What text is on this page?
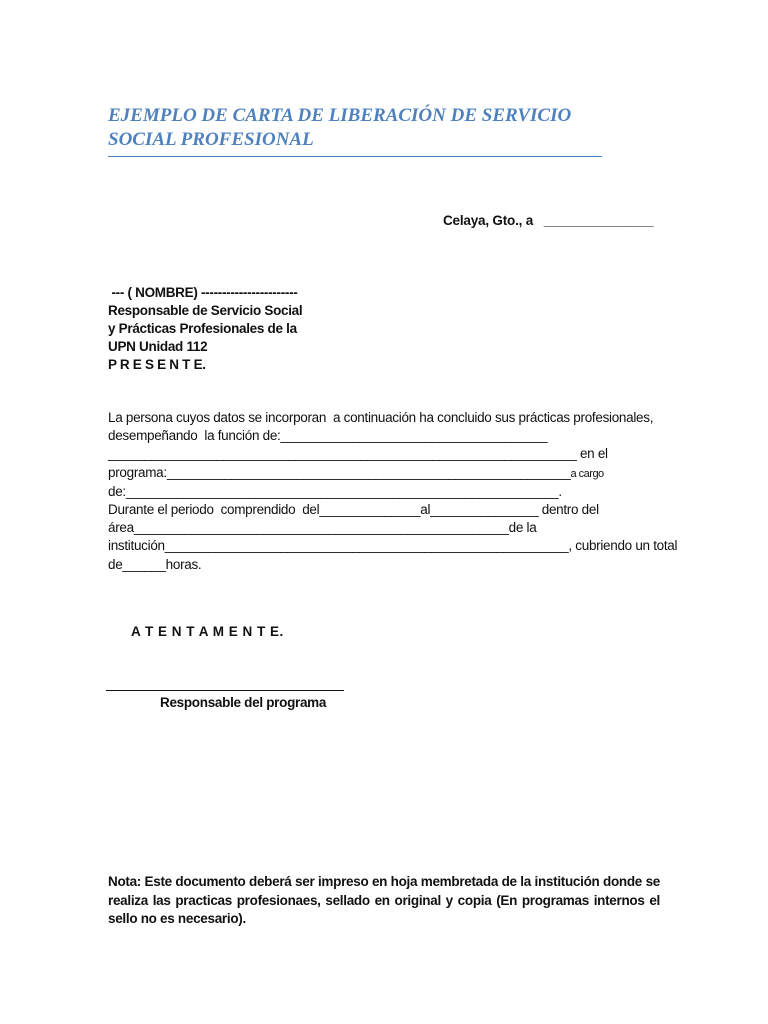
EJEMPLO DE CARTA DE LIBERACIÓN DE SERVICIO
SOCIAL PROFESIONAL
Celaya, Gto., a   _______________
--- ( NOMBRE) -----------------------
Responsable de Servicio Social
y Prácticas Profesionales de la
UPN Unidad 112
P R E S E N T E.
La persona cuyos datos se incorporan  a continuación ha concluido sus prácticas profesionales,
desempeñando  la función de:_____________________________________
_________________________________________________________________ en el
programa:________________________________________________________a cargo
de:____________________________________________________________.
Durante el periodo  comprendido  del______________al_______________ dentro del
área____________________________________________________de la
institución________________________________________________________, cubriendo un total
de______horas.
A T E N T A M E N T E.
Responsable del programa
Nota: Este documento deberá ser impreso en hoja membretada de la institución donde se realiza las practicas profesionaes, sellado en original y copia (En programas internos el sello no es necesario).
